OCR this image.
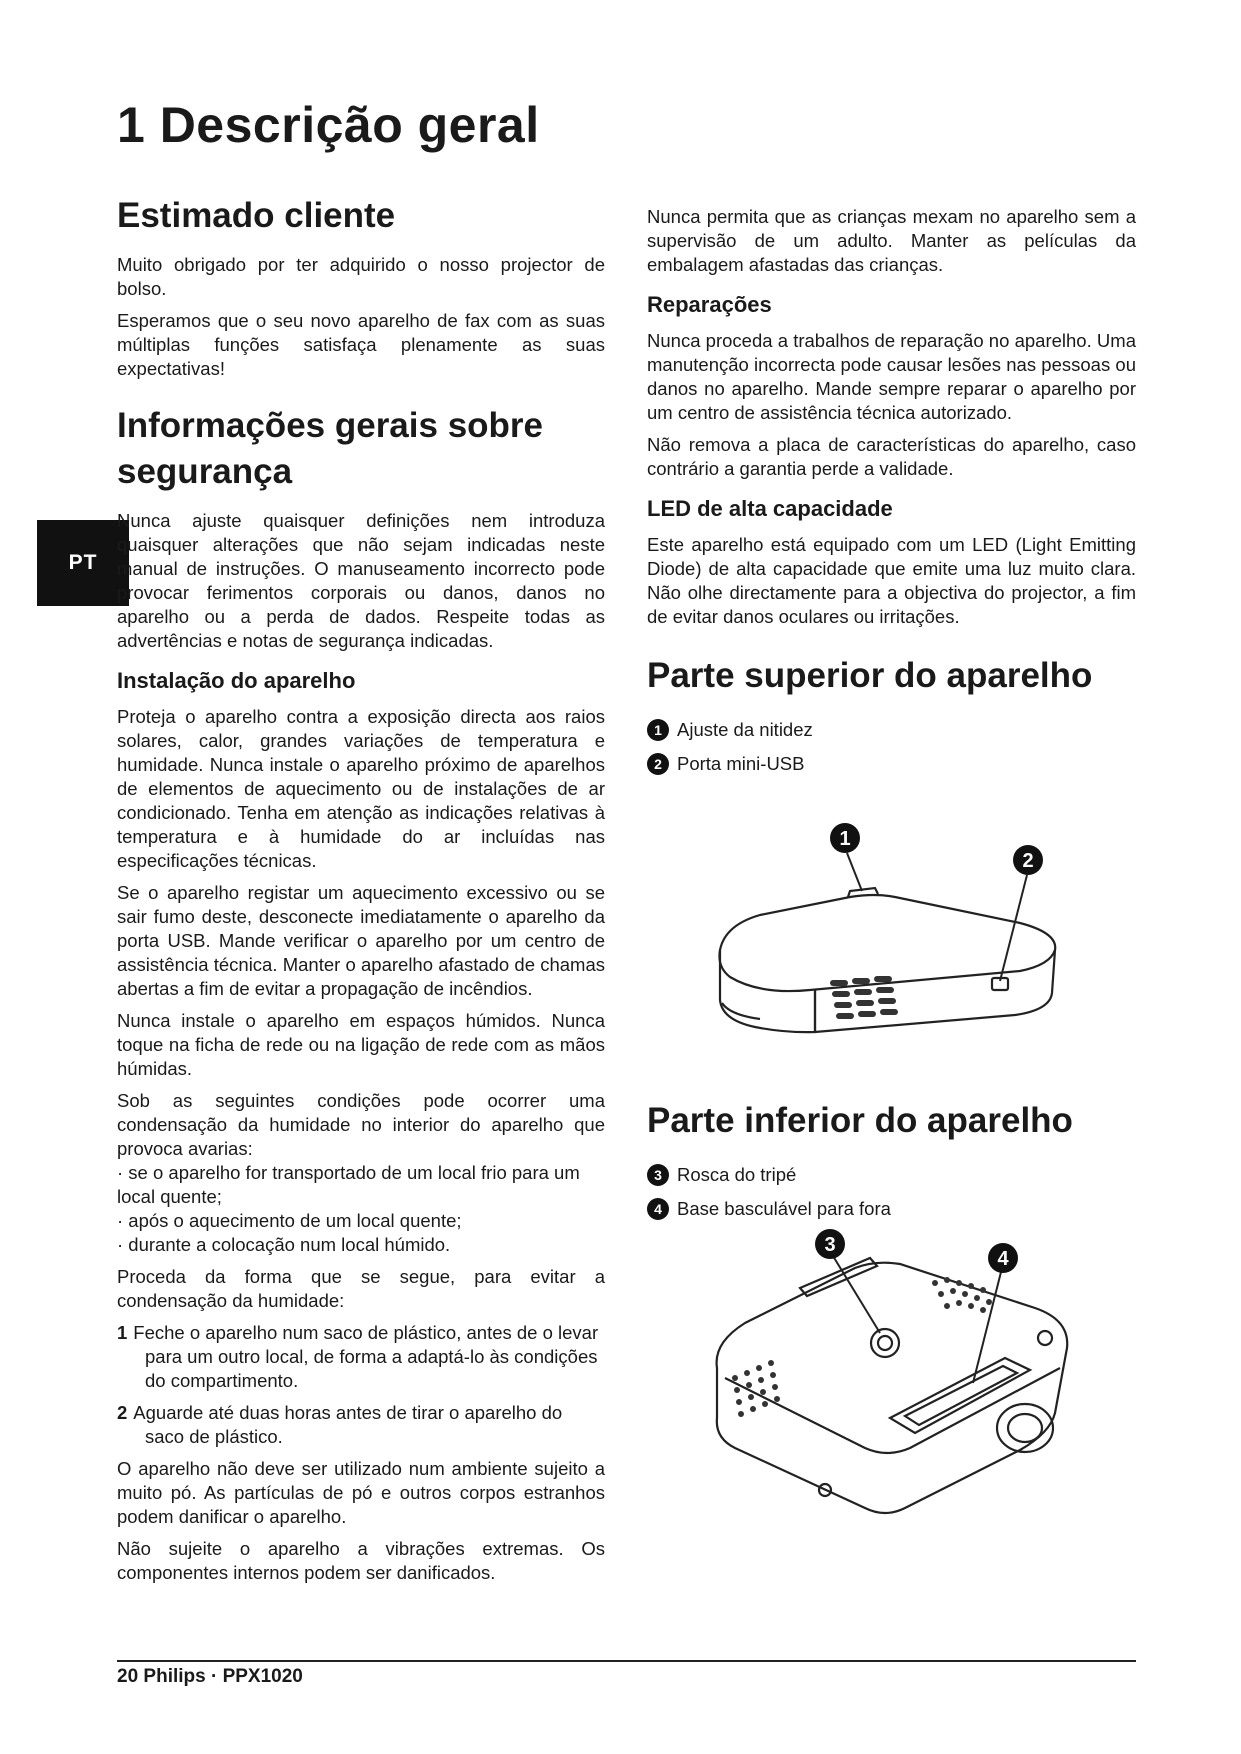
1 Descrição geral
PT
Estimado cliente

Muito obrigado por ter adquirido o nosso projector de bolso.

Esperamos que o seu novo aparelho de fax com as suas múltiplas funções satisfaça plenamente as suas expectativas!

Informações gerais sobre segurança

Nunca ajuste quaisquer definições nem introduza quaisquer alterações que não sejam indicadas neste manual de instruções. O manuseamento incorrecto pode provocar ferimentos corporais ou danos, danos no aparelho ou a perda de dados. Respeite todas as advertências e notas de segurança indicadas.

Instalação do aparelho

Proteja o aparelho contra a exposição directa aos raios solares, calor, grandes variações de temperatura e humidade. Nunca instale o aparelho próximo de aparelhos de elementos de aquecimento ou de instalações de ar condicionado. Tenha em atenção as indicações relativas à temperatura e à humidade do ar incluídas nas especificações técnicas.

Se o aparelho registar um aquecimento excessivo ou se sair fumo deste, desconecte imediatamente o aparelho da porta USB. Mande verificar o aparelho por um centro de assistência técnica. Manter o aparelho afastado de chamas abertas a fim de evitar a propagação de incêndios.

Nunca instale o aparelho em espaços húmidos. Nunca toque na ficha de rede ou na ligação de rede com as mãos húmidas.

Sob as seguintes condições pode ocorrer uma condensação da humidade no interior do aparelho que provoca avarias:

· se o aparelho for transportado de um local frio para um local quente;

· após o aquecimento de um local quente;

· durante a colocação num local húmido.

Proceda da forma que se segue, para evitar a condensação da humidade:

1 Feche o aparelho num saco de plástico, antes de o levar para um outro local, de forma a adaptá-lo às condições do compartimento.

2 Aguarde até duas horas antes de tirar o aparelho do saco de plástico.

O aparelho não deve ser utilizado num ambiente sujeito a muito pó. As partículas de pó e outros corpos estranhos podem danificar o aparelho.

Não sujeite o aparelho a vibrações extremas. Os componentes internos podem ser danificados.

Nunca permita que as crianças mexam no aparelho sem a supervisão de um adulto. Manter as películas da embalagem afastadas das crianças.

Reparações

Nunca proceda a trabalhos de reparação no aparelho. Uma manutenção incorrecta pode causar lesões nas pessoas ou danos no aparelho. Mande sempre reparar o aparelho por um centro de assistência técnica autorizado.

Não remova a placa de características do aparelho, caso contrário a garantia perde a validade.

LED de alta capacidade

Este aparelho está equipado com um LED (Light Emitting Diode) de alta capacidade que emite uma luz muito clara. Não olhe directamente para a objectiva do projector, a fim de evitar danos oculares ou irritações.

Parte superior do aparelho
1 Ajuste da nitidez
2 Porta mini-USB
1
2
Parte inferior do aparelho
3 Rosca do tripé
4 Base basculável para fora
3
4
20 Philips · PPX1020
